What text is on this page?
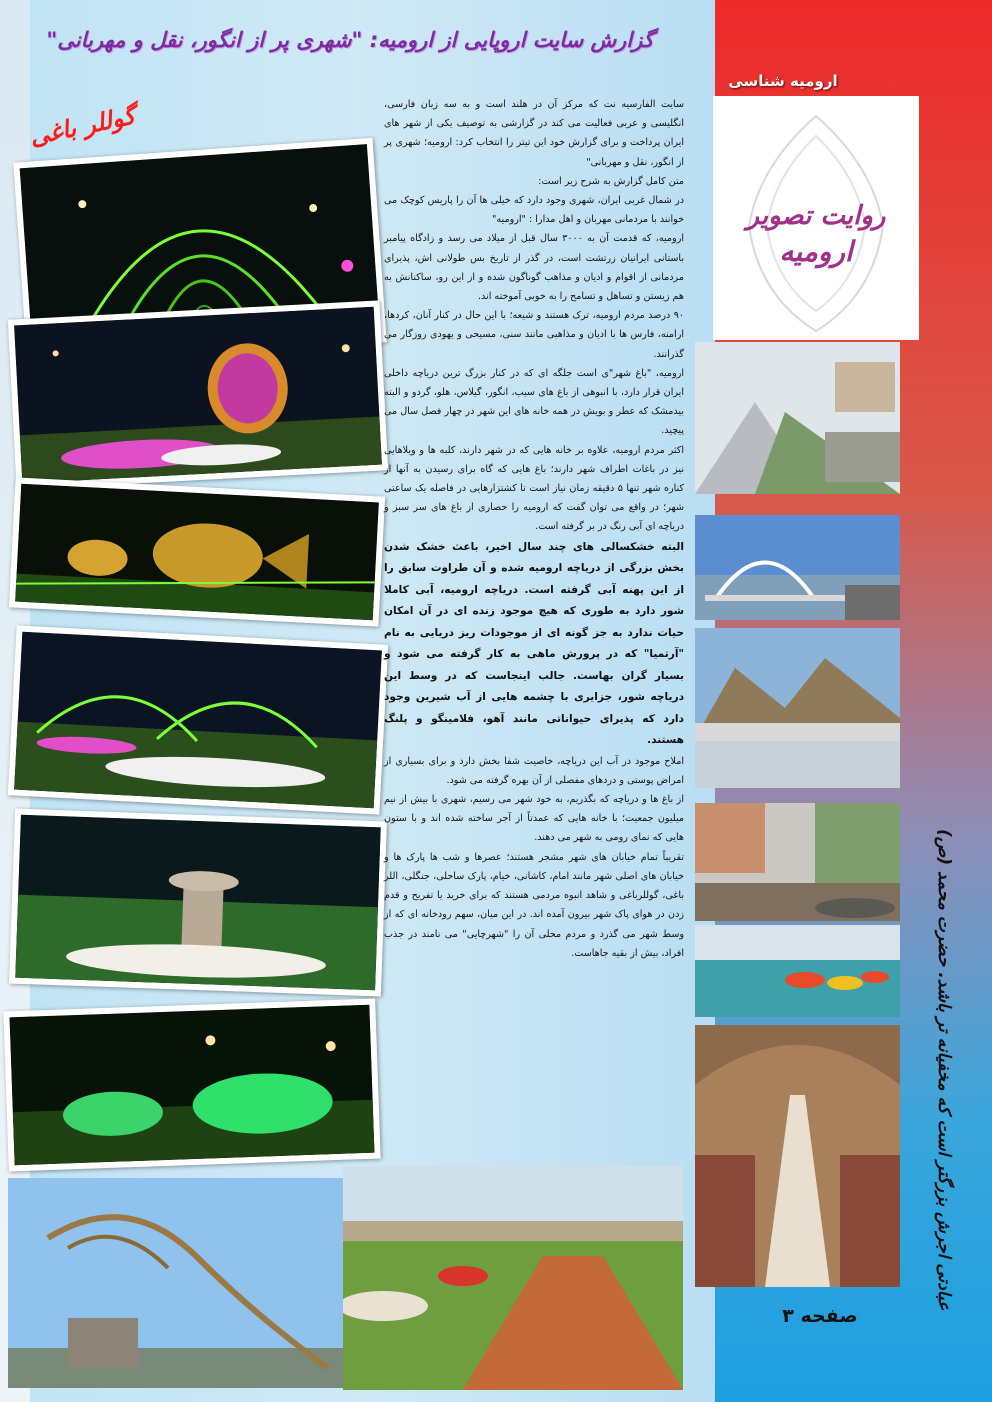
گزارش سایت اروپایی از ارومیه: "شهری پر از انگور، نقل و مهربانی"
ارومیه شناسی
گوللر باغی	سایت الفارسیه نت که مرکز آن در هلند است و به سه زبان فارسی، انگلیسی و عربی فعالیت می کند در گزارشی به توصیف یکی از شهر های ایران پرداخت و برای گزارش خود این تیتر را انتخاب کرد: ارومیه؛ شهری پر از انگور، نقل و مهربانی"

متن کامل گزارش به شرح زیر است:

در شمال غربی ایران، شهری وجود دارد که خیلی ها آن را پاریس کوچک می خوانند با مردمانی مهربان و اهل مدارا : "ارومیه"

ارومیه، که قدمت آن به ۳۰۰۰ سال قبل از میلاد می رسد و زادگاه پیامبر باستانی ایرانیان زرتشت است، در گذر از تاریخ بس طولانی اش، پذیرای مردمانی از اقوام و ادیان و مذاهب گوناگون شده و از این رو، ساکنانش به هم زیستن و تساهل و تسامح را به خوبی آموخته اند.

۹۰ درصد مردم ارومیه، ترک هستند و شیعه؛ با این حال در کنار آنان، کردها، ارامنه، فارس ها با ادیان و مذاهبی مانند سنی، مسیحی و یهودی روزگار می گذرانند.

ارومیه، "باغ شهر"ی است جلگه ای که در کنار بزرگ ترین دریاچه داخلی ایران قرار دارد، با انبوهی از باغ های سیب، انگور، گیلاس، هلو، گردو و البته بیدمشک که عطر و بویش در همه خانه های این شهر در چهار فصل سال می پیچید.

اکثر مردم ارومیه، علاوه بر خانه هایی که در شهر دارند، کلبه ها و ویلاهایی نیز در باغات اطراف شهر دارند؛ باغ هایی که گاه برای رسیدن به آنها از کناره شهر تنها ۵ دقیقه زمان نیاز است تا کشتزارهایی در فاصله یک ساعتی شهر؛ در واقع می توان گفت که ارومیه را حصاری از باغ های سر سبز و دریاچه ای آبی رنگ در بر گرفته است.

البته خشکسالی های چند سال اخیر، باعث خشک شدن بخش بزرگی از دریاچه ارومیه شده و آن طراوت سابق را از این پهنه آبی گرفته است. دریاچه ارومیه، آبی کاملا شور دارد به طوری که هیچ موجود زنده ای در آن امکان حیات ندارد به جز گونه ای از موجودات ریز دریایی به نام "آرتمیا" که در پرورش ماهی به کار گرفته می شود و بسیار گران بهاست. جالب اینجاست که در وسط این دریاچه شور، جزایری با چشمه هایی از آب شیرین وجود دارد که پذیرای حیواناتی مانند آهو، فلامینگو و پلنگ هستند.

املاح موجود در آب این دریاچه، خاصیت شفا بخش دارد و برای بسیاری از امراض پوستی و دردهای مفصلی از آن بهره گرفته می شود.

از باغ ها و دریاچه که بگذریم، به خود شهر می رسیم، شهری با بیش از نیم میلیون جمعیت؛ با خانه هایی که عمدتاً از آجر ساخته شده اند و با ستون هایی که نمای رومی به شهر می دهند.

تقریباً تمام خیابان های شهر مشجر هستند؛ عصرها و شب ها پارک ها و خیابان های اصلی شهر مانند امام، کاشانی، خیام، پارک ساحلی، جنگلی، اللر باغی، گوللرباغی و شاهد انبوه مردمی هستند که برای خرید یا تفریح و قدم زدن در هوای پاک شهر بیرون آمده اند. در این میان، سهم رودخانه ای که از وسط شهر می گذرد و مردم محلی آن را "شهرچایی" می نامند در جذب افراد، بیش از بقیه جاهاست.

روایت تصویر
ارومیه
عبادتی اجرش بزرگتر است که مخفیانه تر باشد. حضرت محمد (ص)
صفحه ۳
